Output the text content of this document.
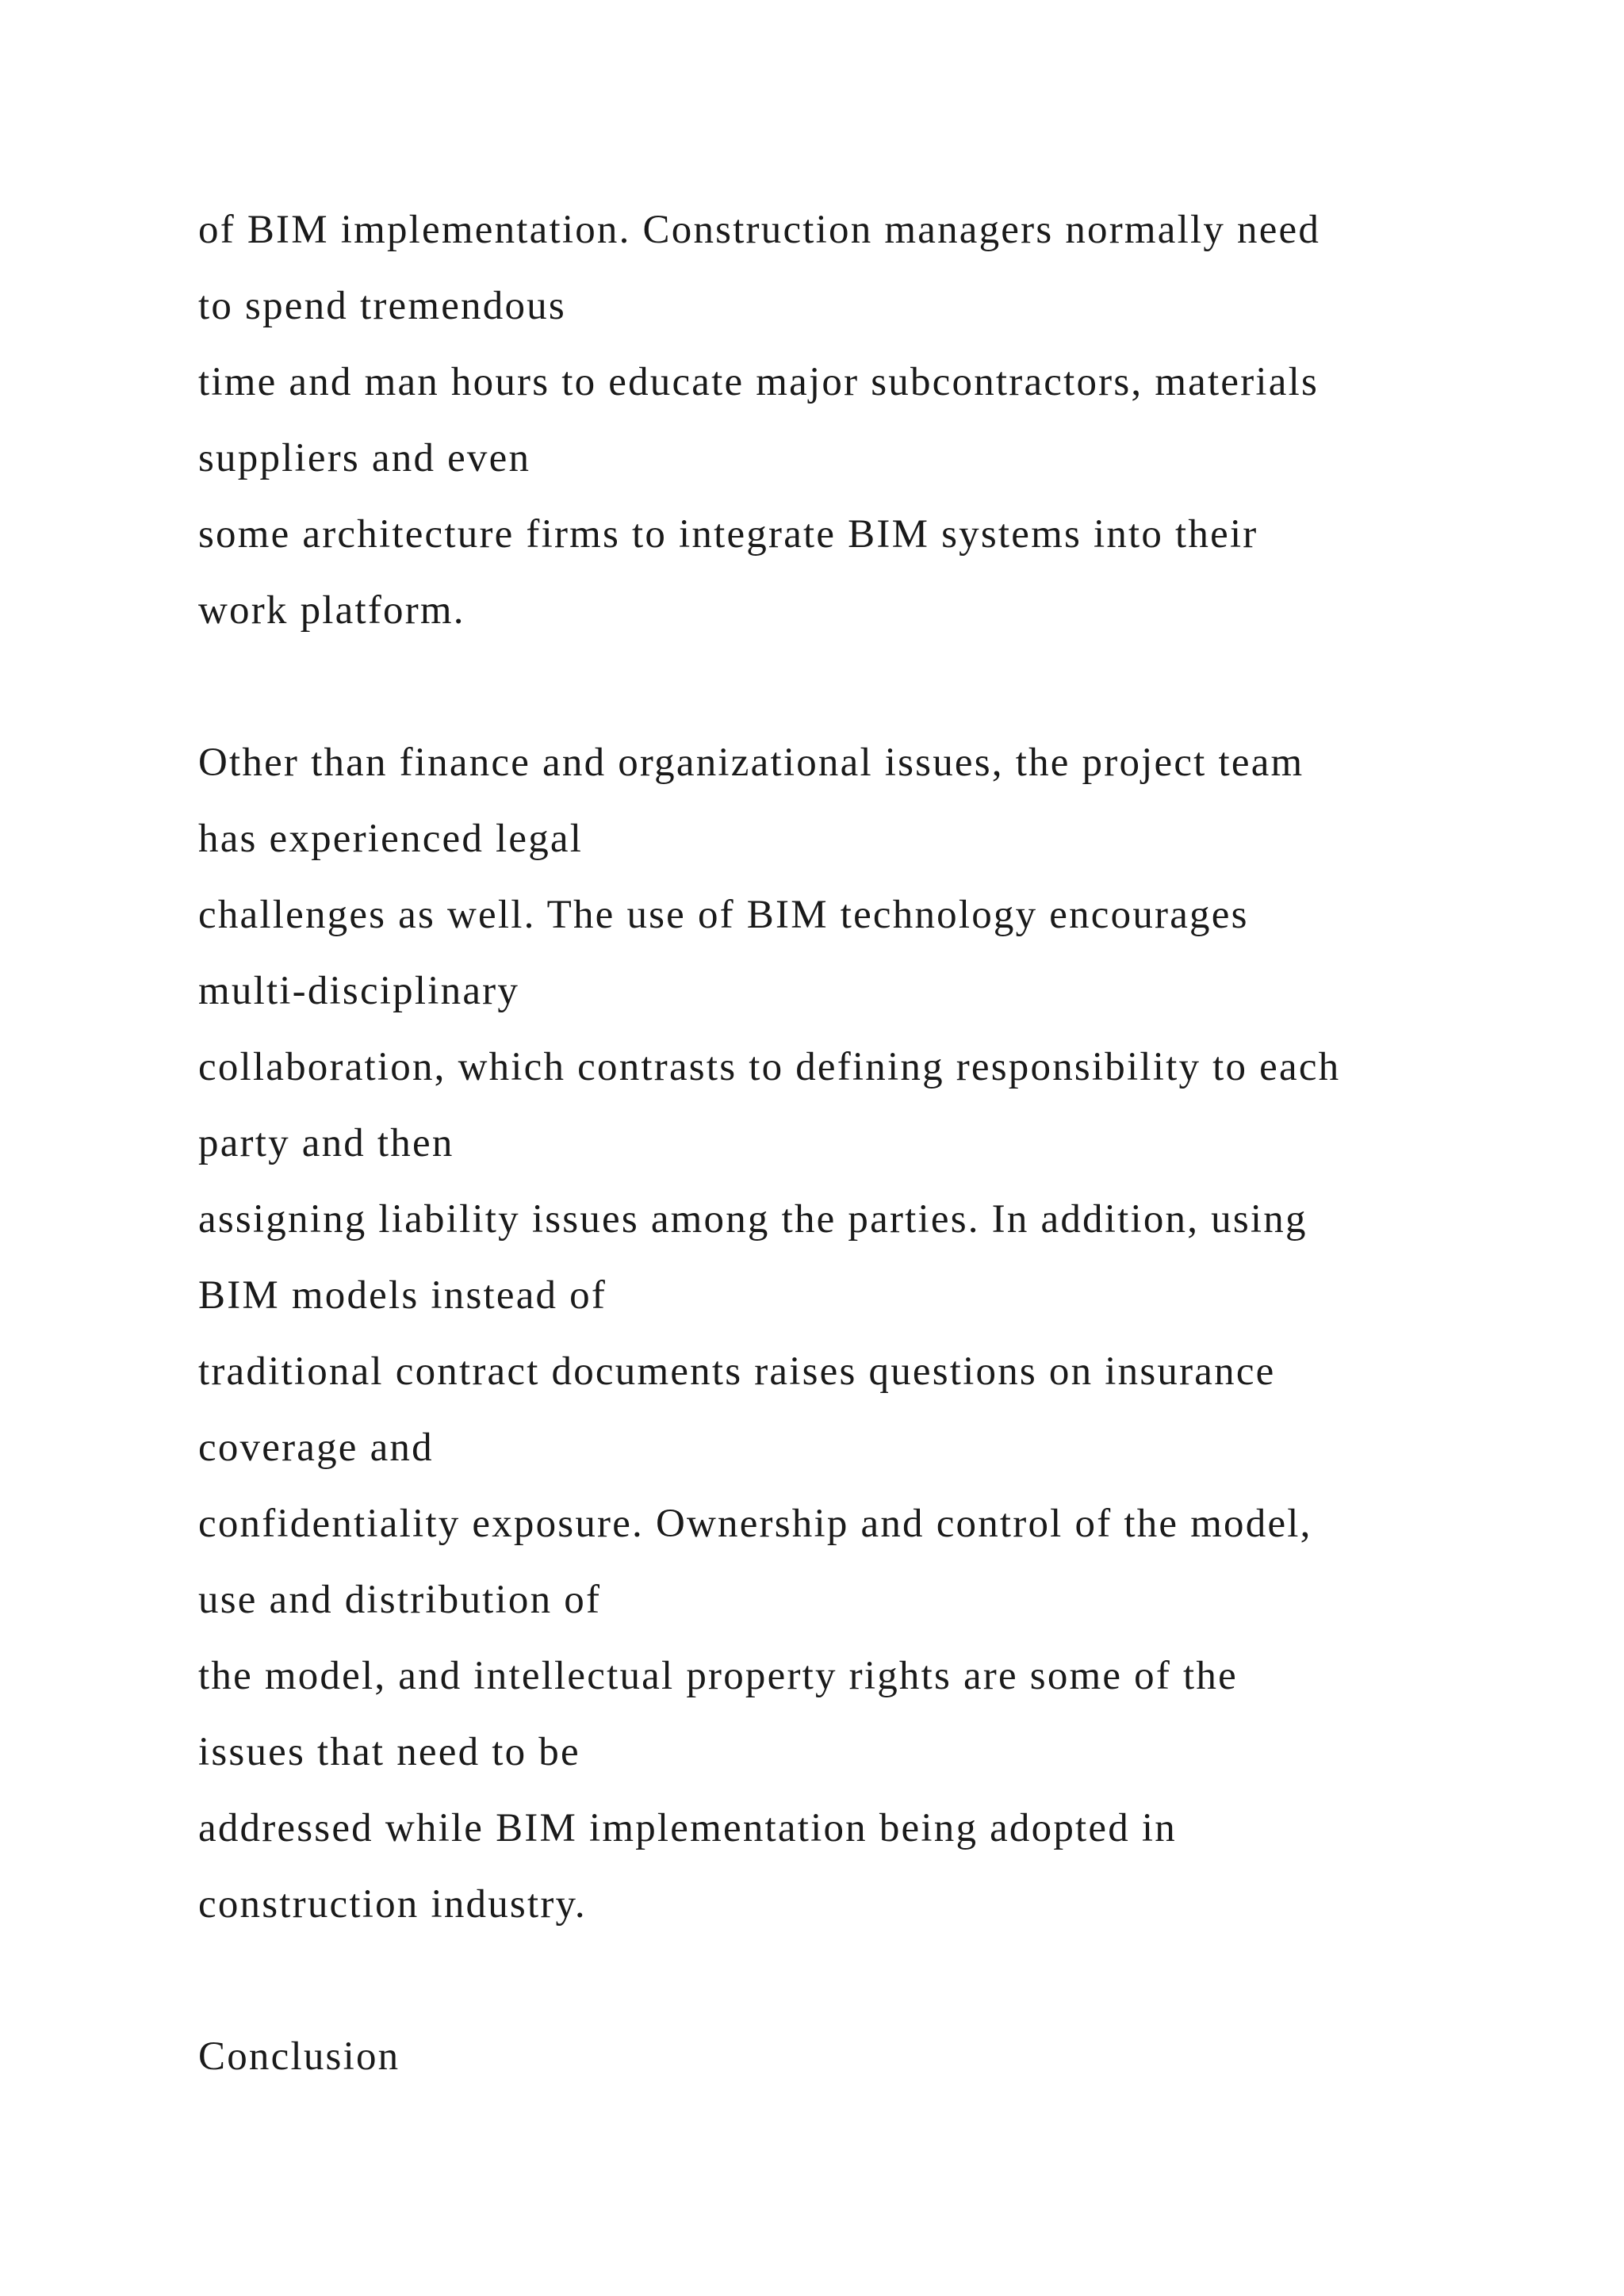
of BIM implementation. Construction managers normally need
to spend tremendous
time and man hours to educate major subcontractors, materials
suppliers and even
some architecture firms to integrate BIM systems into their
work platform.
Other than finance and organizational issues, the project team
has experienced legal
challenges as well. The use of BIM technology encourages
multi-disciplinary
collaboration, which contrasts to defining responsibility to each
party and then
assigning liability issues among the parties. In addition, using
BIM models instead of
traditional contract documents raises questions on insurance
coverage and
confidentiality exposure. Ownership and control of the model,
use and distribution of
the model, and intellectual property rights are some of the
issues that need to be
addressed while BIM implementation being adopted in
construction industry.
Conclusion
